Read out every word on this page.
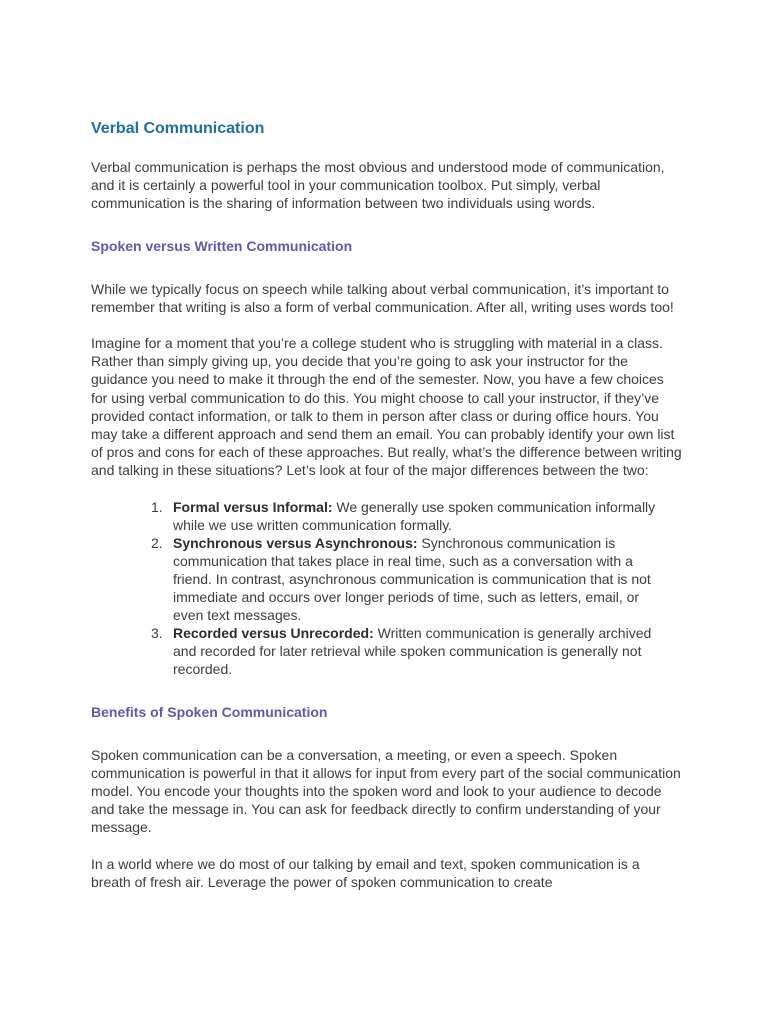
Verbal Communication

Verbal communication is perhaps the most obvious and understood mode of communication, and it is certainly a powerful tool in your communication toolbox. Put simply, verbal communication is the sharing of information between two individuals using words.

Spoken versus Written Communication

While we typically focus on speech while talking about verbal communication, it’s important to remember that writing is also a form of verbal communication. After all, writing uses words too!

Imagine for a moment that you’re a college student who is struggling with material in a class. Rather than simply giving up, you decide that you’re going to ask your instructor for the guidance you need to make it through the end of the semester. Now, you have a few choices for using verbal communication to do this. You might choose to call your instructor, if they’ve provided contact information, or talk to them in person after class or during office hours. You may take a different approach and send them an email. You can probably identify your own list of pros and cons for each of these approaches. But really, what’s the difference between writing and talking in these situations? Let’s look at four of the major differences between the two:

1. Formal versus Informal: We generally use spoken communication informally while we use written communication formally.
2. Synchronous versus Asynchronous: Synchronous communication is communication that takes place in real time, such as a conversation with a friend. In contrast, asynchronous communication is communication that is not immediate and occurs over longer periods of time, such as letters, email, or even text messages.
3. Recorded versus Unrecorded: Written communication is generally archived and recorded for later retrieval while spoken communication is generally not recorded.
Benefits of Spoken Communication

Spoken communication can be a conversation, a meeting, or even a speech. Spoken communication is powerful in that it allows for input from every part of the social communication model. You encode your thoughts into the spoken word and look to your audience to decode and take the message in. You can ask for feedback directly to confirm understanding of your message.

In a world where we do most of our talking by email and text, spoken communication is a breath of fresh air. Leverage the power of spoken communication to create
